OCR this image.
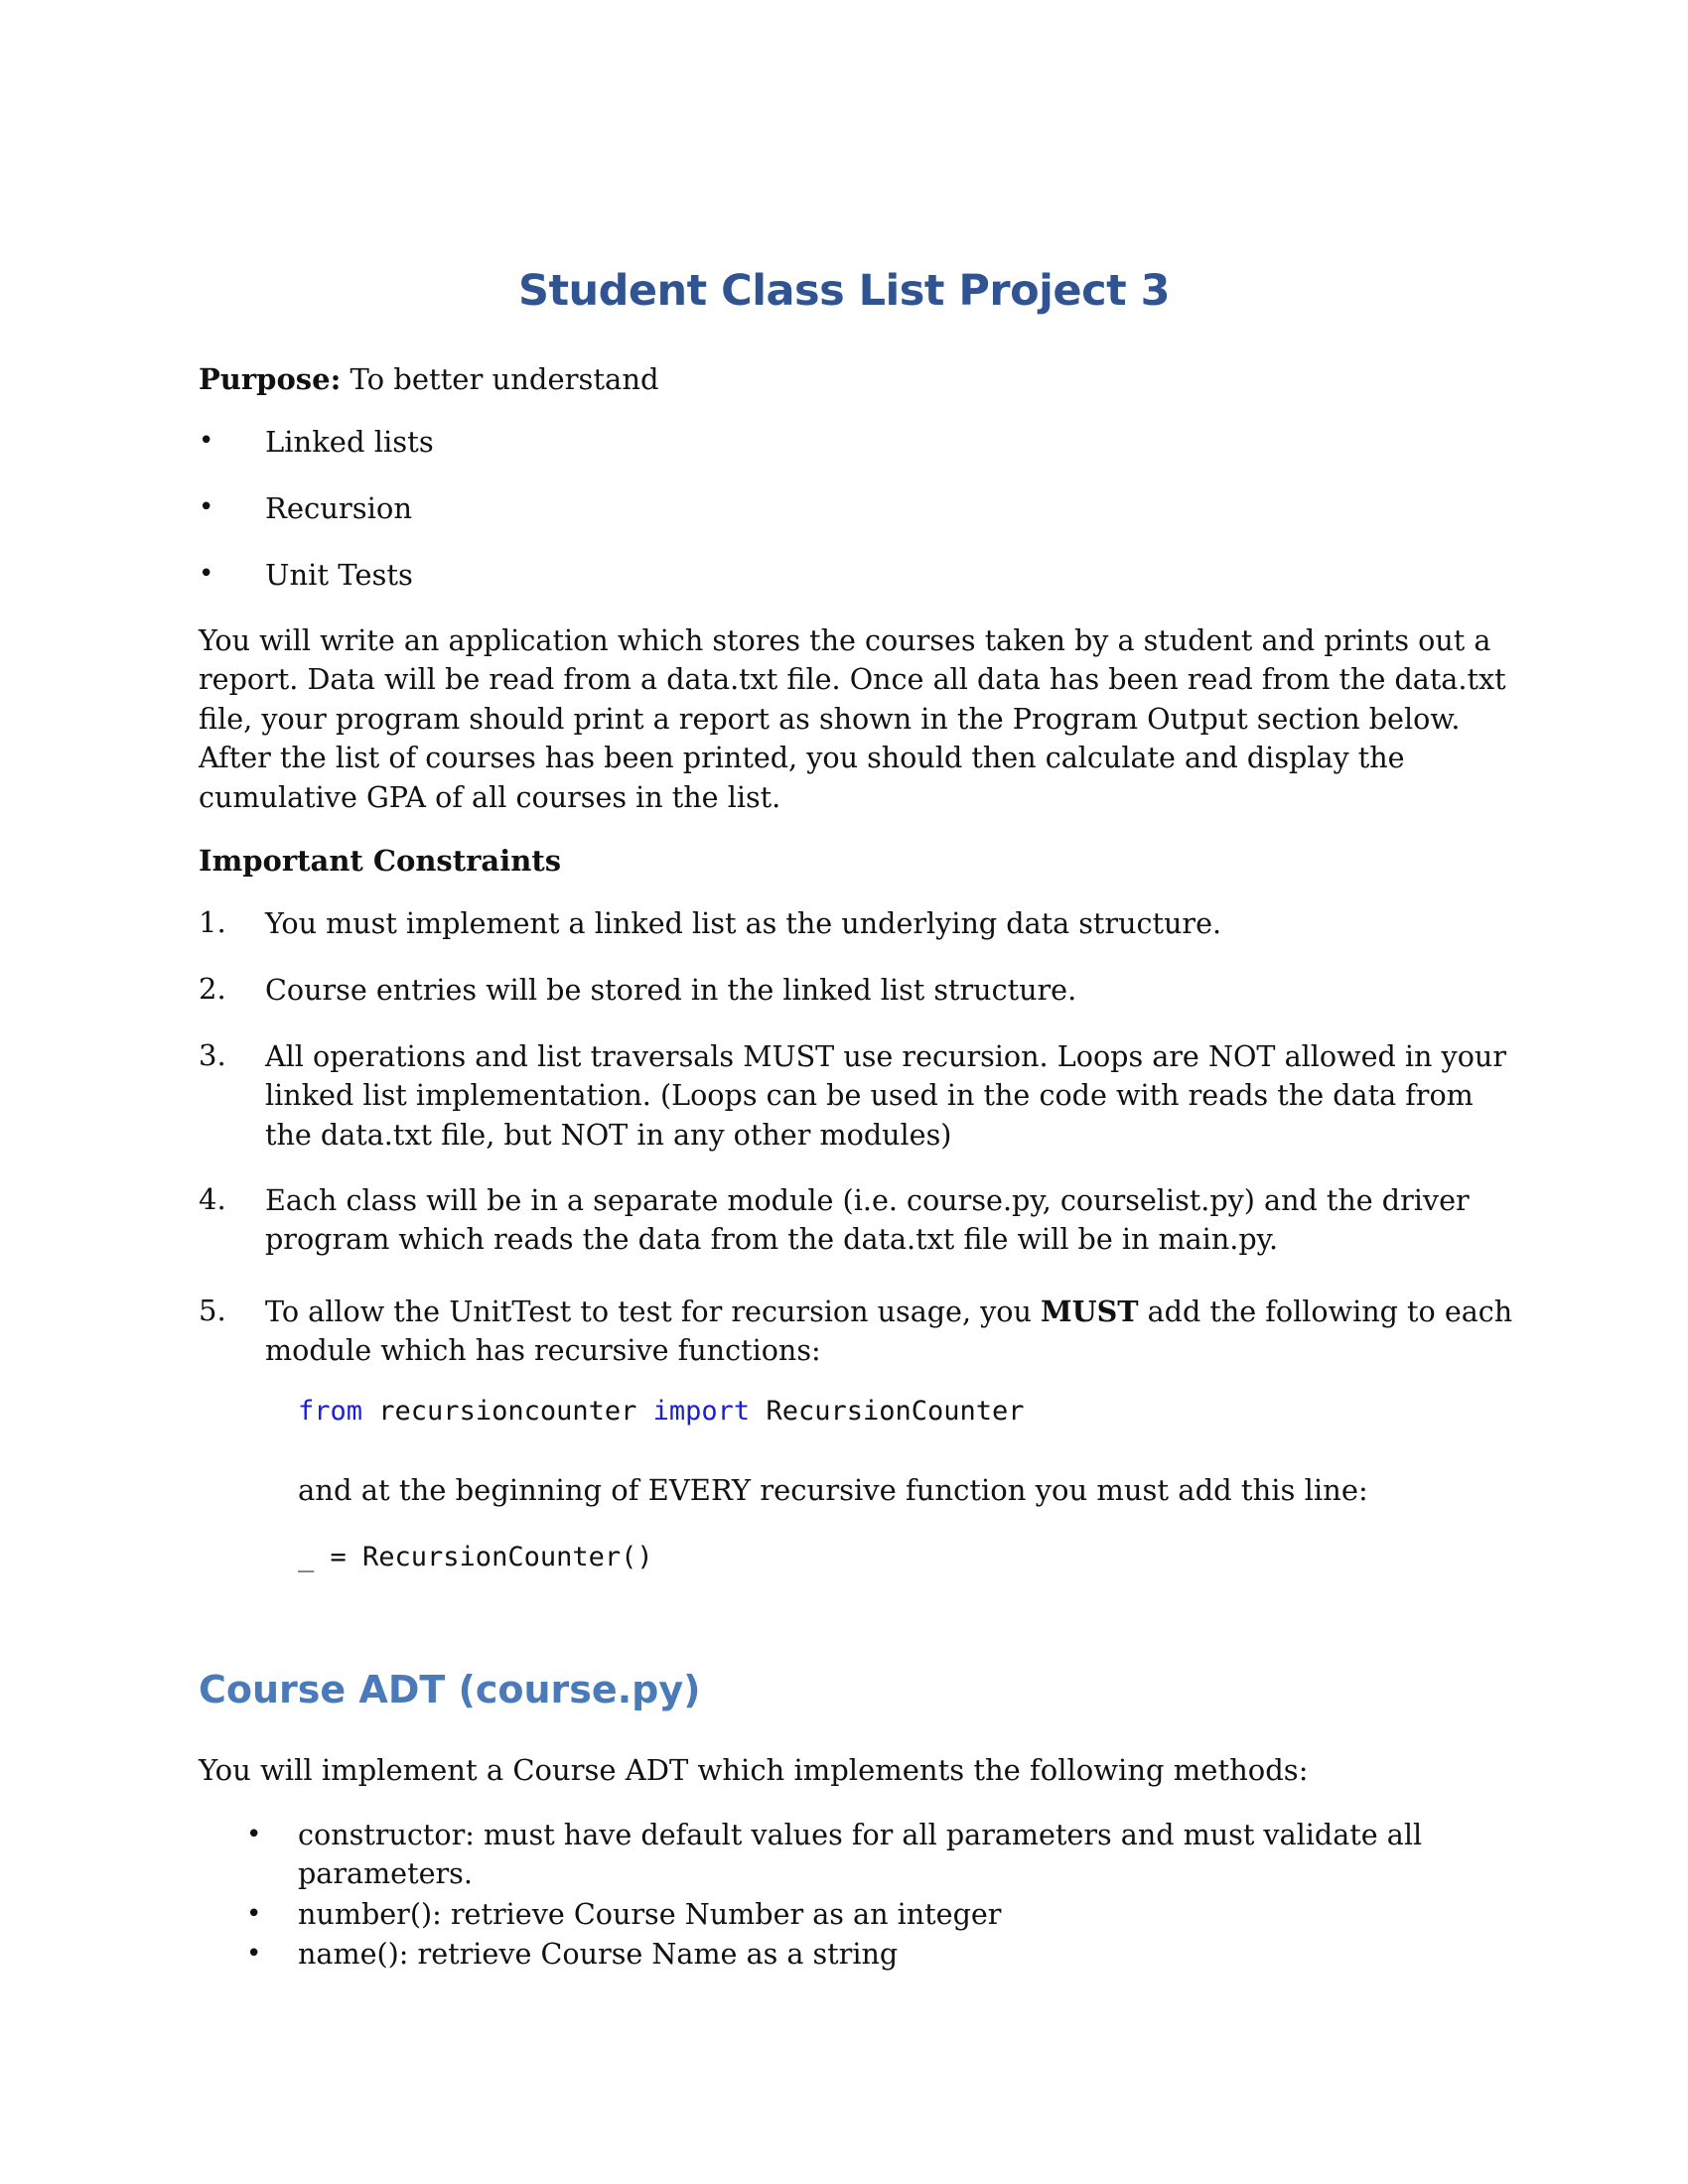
Student Class List Project 3
Purpose: To better understand
• Linked lists
• Recursion
• Unit Tests
You will write an application which stores the courses taken by a student and prints out a
report. Data will be read from a data.txt file. Once all data has been read from the data.txt
file, your program should print a report as shown in the Program Output section below.
After the list of courses has been printed, you should then calculate and display the
cumulative GPA of all courses in the list.
Important Constraints
1. You must implement a linked list as the underlying data structure.
2. Course entries will be stored in the linked list structure.
3. All operations and list traversals MUST use recursion. Loops are NOT allowed in your
linked list implementation. (Loops can be used in the code with reads the data from
the data.txt file, but NOT in any other modules)
4. Each class will be in a separate module (i.e. course.py, courselist.py) and the driver
program which reads the data from the data.txt file will be in main.py.
5. To allow the UnitTest to test for recursion usage, you MUST add the following to each
module which has recursive functions:
from recursioncounter import RecursionCounter
and at the beginning of EVERY recursive function you must add this line:
_ = RecursionCounter()
Course ADT (course.py)
You will implement a Course ADT which implements the following methods:
• constructor: must have default values for all parameters and must validate all
parameters.
• number(): retrieve Course Number as an integer
• name(): retrieve Course Name as a string
